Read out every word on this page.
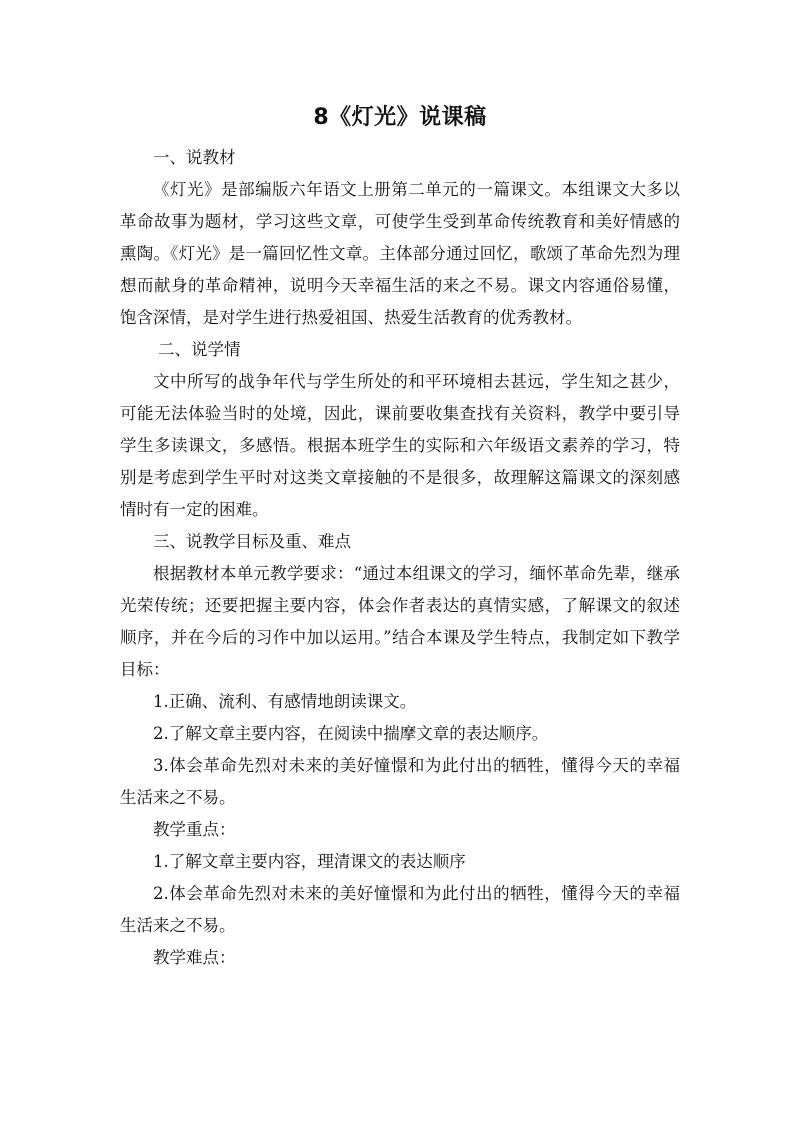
8《灯光》说课稿

一、说教材

《灯光》是部编版六年语文上册第二单元的一篇课文。本组课文大多以革命故事为题材，学习这些文章，可使学生受到革命传统教育和美好情感的熏陶。《灯光》是一篇回忆性文章。主体部分通过回忆，歌颂了革命先烈为理想而献身的革命精神，说明今天幸福生活的来之不易。课文内容通俗易懂，饱含深情，是对学生进行热爱祖国、热爱生活教育的优秀教材。

二、说学情

文中所写的战争年代与学生所处的和平环境相去甚远，学生知之甚少，可能无法体验当时的处境，因此，课前要收集查找有关资料，教学中要引导学生多读课文，多感悟。根据本班学生的实际和六年级语文素养的学习，特别是考虑到学生平时对这类文章接触的不是很多，故理解这篇课文的深刻感情时有一定的困难。

三、说教学目标及重、难点

根据教材本单元教学要求：“通过本组课文的学习，缅怀革命先辈，继承光荣传统；还要把握主要内容，体会作者表达的真情实感，了解课文的叙述顺序，并在今后的习作中加以运用。”结合本课及学生特点，我制定如下教学目标：

1.正确、流利、有感情地朗读课文。

2.了解文章主要内容，在阅读中揣摩文章的表达顺序。

3.体会革命先烈对未来的美好憧憬和为此付出的牺牲，懂得今天的幸福生活来之不易。

教学重点：

1.了解文章主要内容，理清课文的表达顺序

2.体会革命先烈对未来的美好憧憬和为此付出的牺牲，懂得今天的幸福生活来之不易。

教学难点：
